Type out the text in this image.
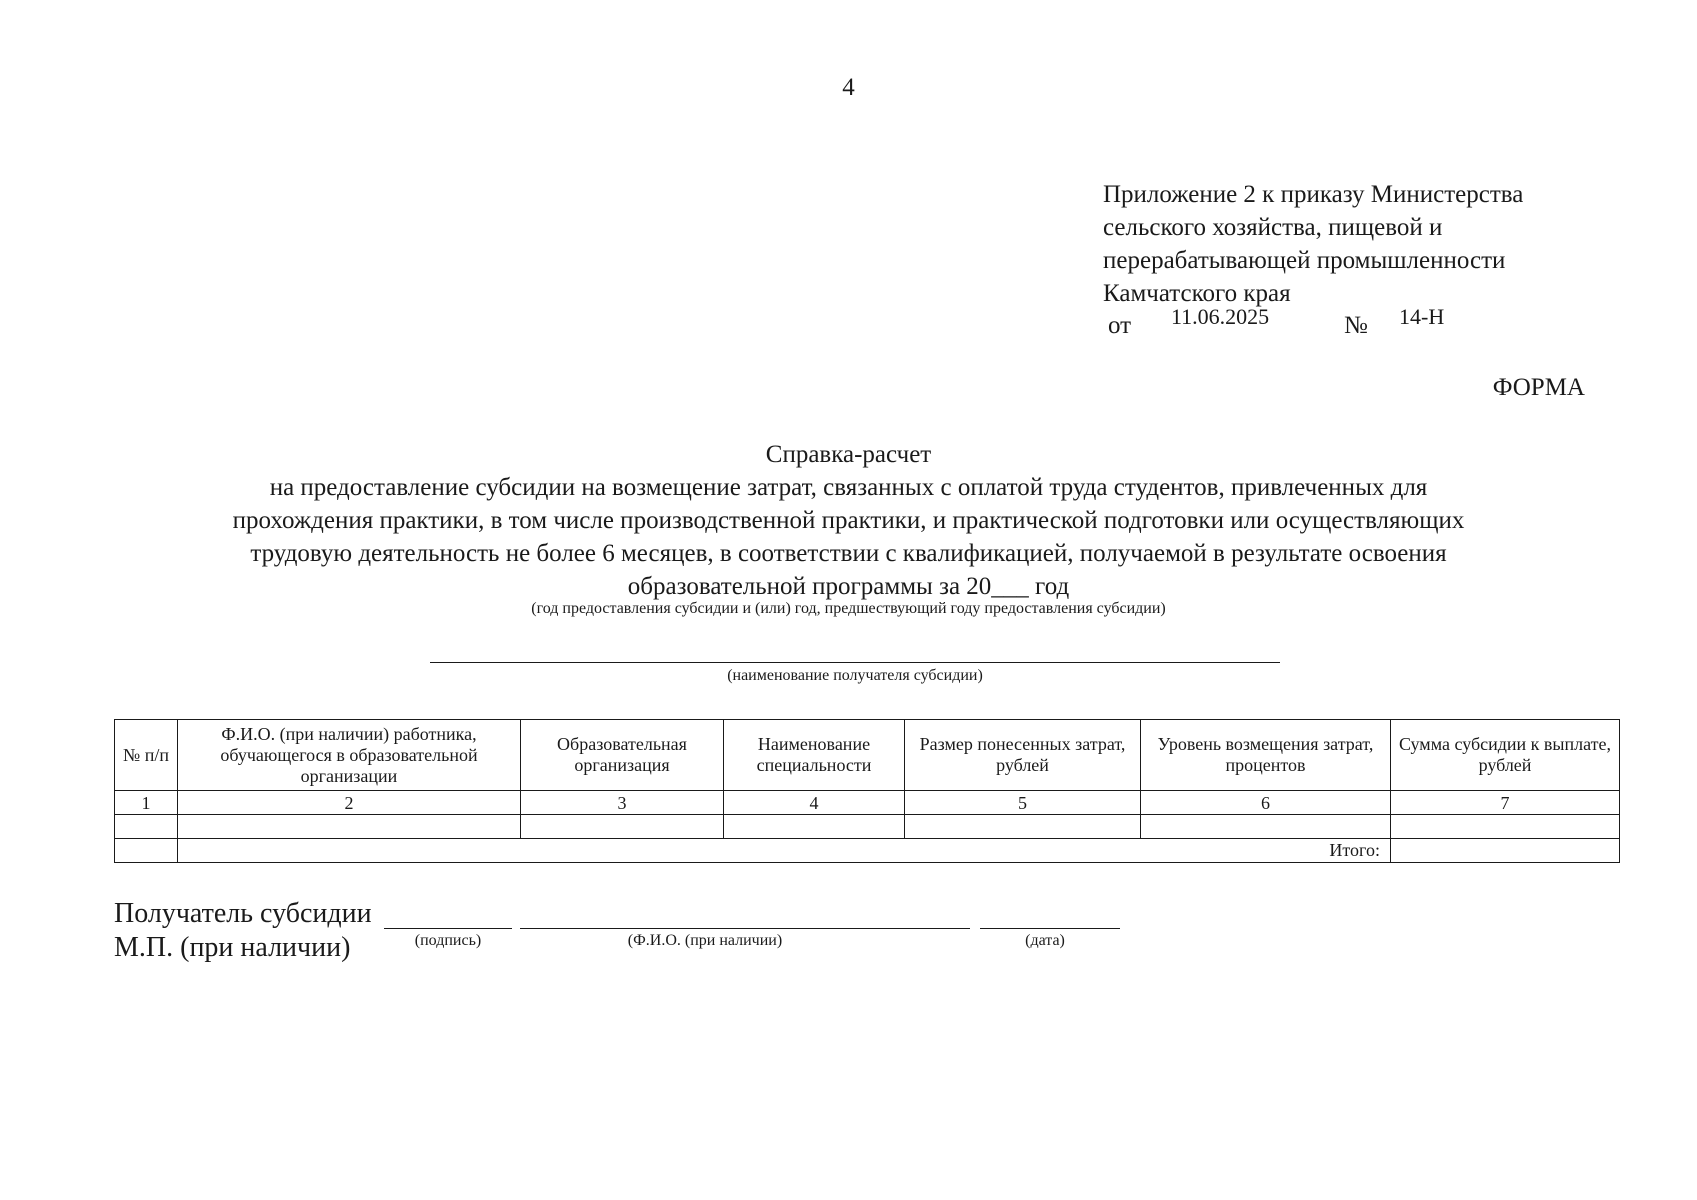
4
Приложение 2 к приказу Министерства
сельского хозяйства, пищевой и
перерабатывающей промышленности
Камчатского края
от 11.06.2025	№ 14-Н
ФОРМА
Справка-расчет
на предоставление субсидии на возмещение затрат, связанных с оплатой труда студентов, привлеченных для
прохождения практики, в том числе производственной практики, и практической подготовки или осуществляющих
трудовую деятельность не более 6 месяцев, в соответствии с квалификацией, получаемой в результате освоения
образовательной программы за 20___ год
(год предоставления субсидии и (или) год, предшествующий году предоставления субсидии)
(наименование получателя субсидии)
№ п/п	Ф.И.О. (при наличии) работника, обучающегося в образовательной организации	Образовательная организация	Наименование специальности	Размер понесенных затрат, рублей	Уровень возмещения затрат, процентов	Сумма субсидии к выплате, рублей
1	2	3	4	5	6	7

	Итого:					
Получатель субсидии
М.П. (при наличии)	(подпись)	(Ф.И.О. (при наличии)	(дата)
